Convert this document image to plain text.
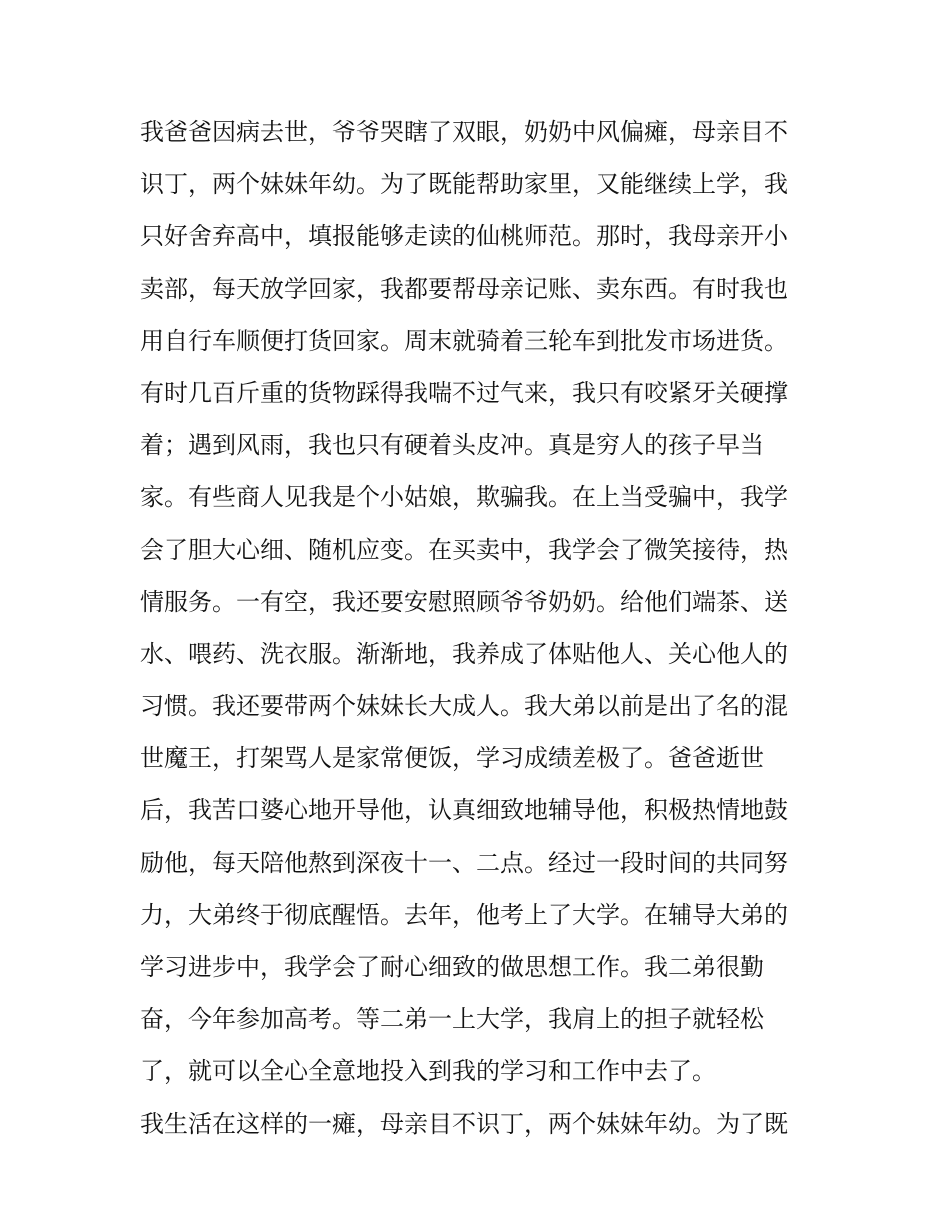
我爸爸因病去世，爷爷哭瞎了双眼，奶奶中风偏瘫，母亲目不
识丁，两个妹妹年幼。为了既能帮助家里，又能继续上学，我
只好舍弃高中，填报能够走读的仙桃师范。那时，我母亲开小
卖部，每天放学回家，我都要帮母亲记账、卖东西。有时我也
用自行车顺便打货回家。周末就骑着三轮车到批发市场进货。
有时几百斤重的货物踩得我喘不过气来，我只有咬紧牙关硬撑
着；遇到风雨，我也只有硬着头皮冲。真是穷人的孩子早当
家。有些商人见我是个小姑娘，欺骗我。在上当受骗中，我学
会了胆大心细、随机应变。在买卖中，我学会了微笑接待，热
情服务。一有空，我还要安慰照顾爷爷奶奶。给他们端茶、送
水、喂药、洗衣服。渐渐地，我养成了体贴他人、关心他人的
习惯。我还要带两个妹妹长大成人。我大弟以前是出了名的混
世魔王，打架骂人是家常便饭，学习成绩差极了。爸爸逝世
后，我苦口婆心地开导他，认真细致地辅导他，积极热情地鼓
励他，每天陪他熬到深夜十一、二点。经过一段时间的共同努
力，大弟终于彻底醒悟。去年，他考上了大学。在辅导大弟的
学习进步中，我学会了耐心细致的做思想工作。我二弟很勤
奋，今年参加高考。等二弟一上大学，我肩上的担子就轻松
了，就可以全心全意地投入到我的学习和工作中去了。
我生活在这样的一瘫，母亲目不识丁，两个妹妹年幼。为了既
